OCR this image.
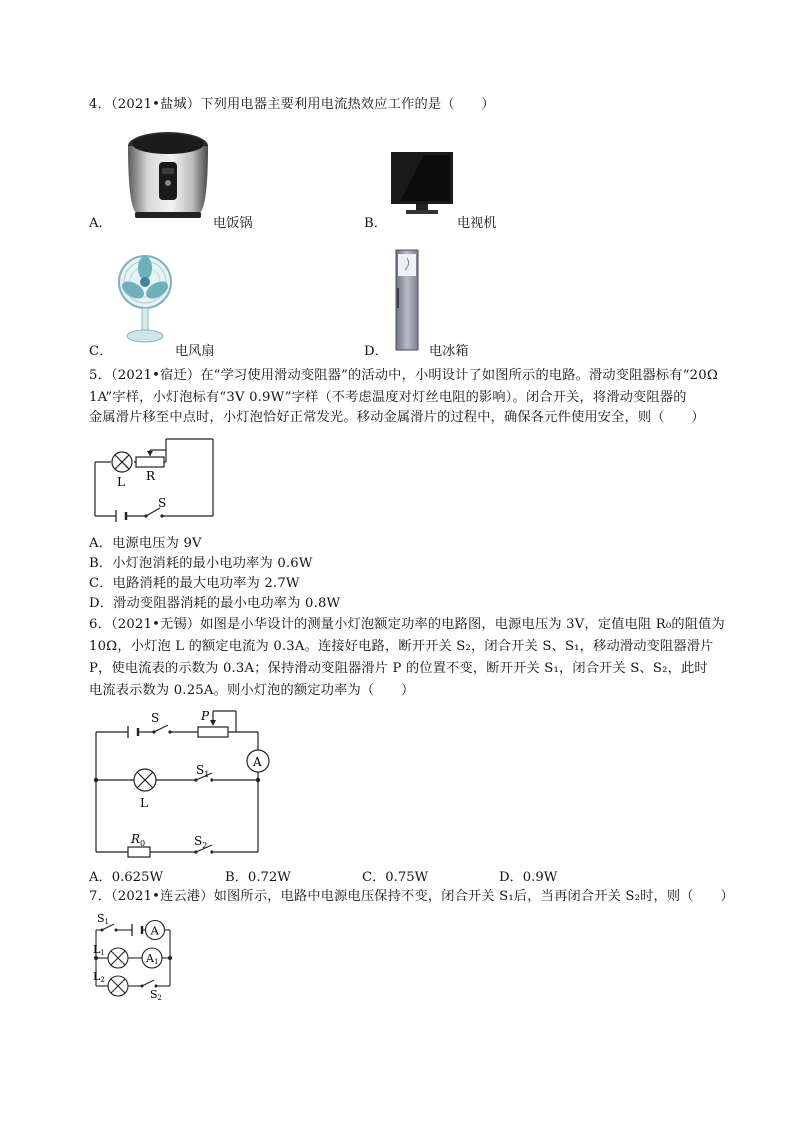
4．（2021•盐城）下列用电器主要利用电流热效应工作的是（　　）
A．	电饭锅	B．	电视机
C．	电风扇	D．	电冰箱
5．（2021•宿迁）在“学习使用滑动变阻器”的活动中，小明设计了如图所示的电路。滑动变阻器标有“20Ω
1A”字样，小灯泡标有“3V 0.9W”字样（不考虑温度对灯丝电阻的影响）。闭合开关，将滑动变阻器的
金属滑片移至中点时，小灯泡恰好正常发光。移动金属滑片的过程中，确保各元件使用安全，则（　　）
L R
S
A．电源电压为 9V
B．小灯泡消耗的最小电功率为 0.6W
C．电路消耗的最大电功率为 2.7W
D．滑动变阻器消耗的最小电功率为 0.8W
6．（2021•无锡）如图是小华设计的测量小灯泡额定功率的电路图，电源电压为 3V，定值电阻 R₀的阻值为
10Ω，小灯泡 L 的额定电流为 0.3A。连接好电路，断开开关 S₂，闭合开关 S、S₁，移动滑动变阻器滑片
P，使电流表的示数为 0.3A；保持滑动变阻器滑片 P 的位置不变，断开开关 S₁，闭合开关 S、S₂，此时
电流表示数为 0.25A。则小灯泡的额定功率为（　　）
A
S	P
$S_1$
L
$R_0$	$S_2$
A．0.625W	B．0.72W	C．0.75W	D．0.9W
7．（2021•连云港）如图所示，电路中电源电压保持不变，闭合开关 S₁后，当再闭合开关 S₂时，则（　　）
A
A1
S1
L1
L2
S2
